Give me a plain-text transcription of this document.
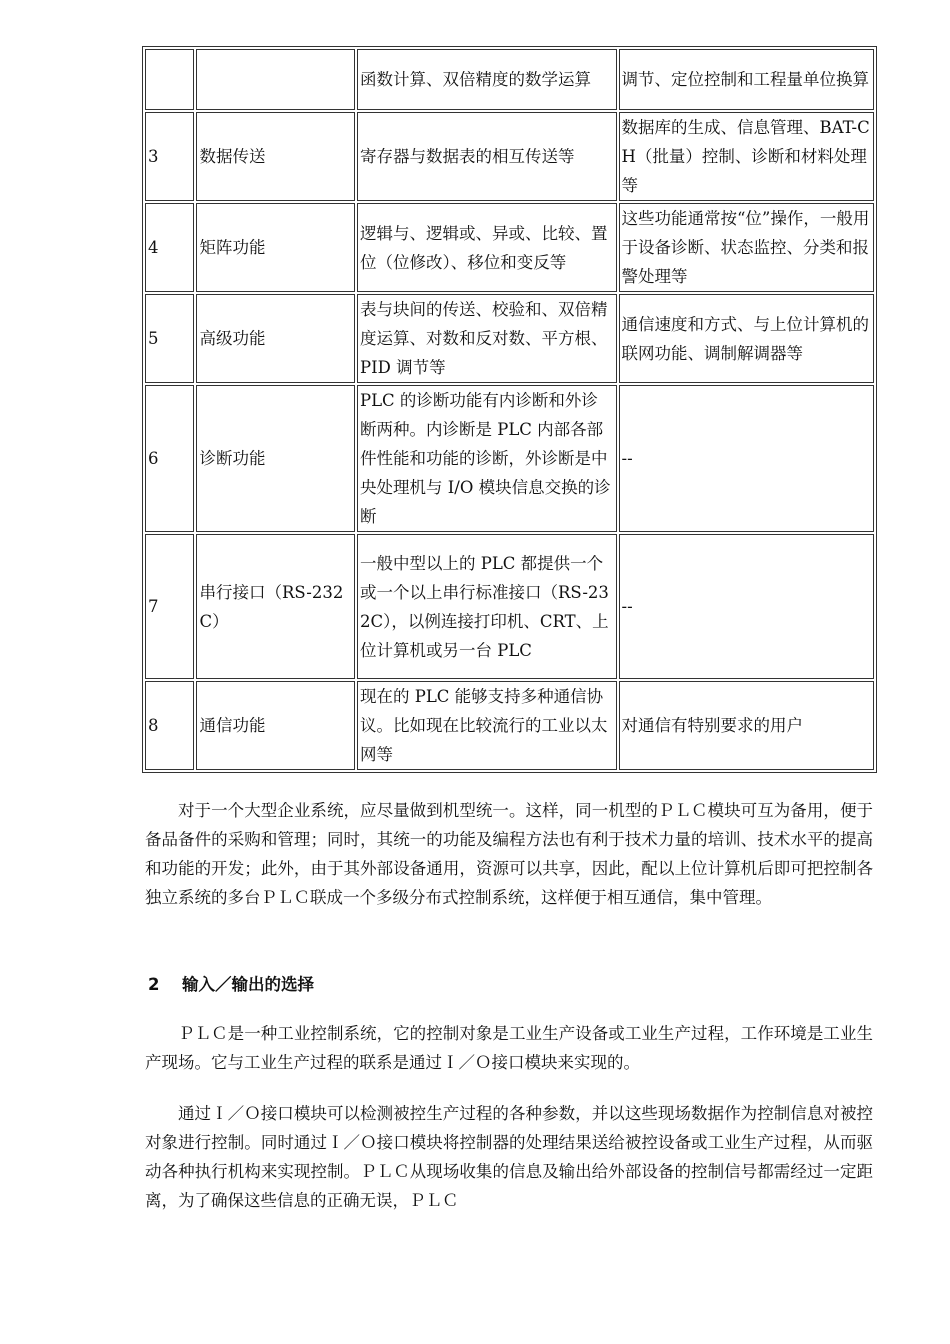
		函数计算、双倍精度的数学运算	调节、定位控制和工程量单位换算
3	数据传送	寄存器与数据表的相互传送等	数据库的生成、信息管理、BAT-CH（批量）控制、诊断和材料处理等
4	矩阵功能	逻辑与、逻辑或、异或、比较、置位（位修改）、移位和变反等	这些功能通常按“位”操作，一般用于设备诊断、状态监控、分类和报警处理等
5	高级功能	表与块间的传送、校验和、双倍精度运算、对数和反对数、平方根、PID 调节等	通信速度和方式、与上位计算机的联网功能、调制解调器等
6	诊断功能	PLC 的诊断功能有内诊断和外诊断两种。内诊断是 PLC 内部各部件性能和功能的诊断，外诊断是中央处理机与 I/O 模块信息交换的诊断	--
7	串行接口（RS-232C）	一般中型以上的 PLC 都提供一个或一个以上串行标准接口（RS-232C），以例连接打印机、CRT、上位计算机或另一台 PLC	--
8	通信功能	现在的 PLC 能够支持多种通信协议。比如现在比较流行的工业以太网等	对通信有特别要求的用户

对于一个大型企业系统，应尽量做到机型统一。这样，同一机型的ＰＬＣ模块可互为备用，便于备品备件的采购和管理；同时，其统一的功能及编程方法也有利于技术力量的培训、技术水平的提高和功能的开发；此外，由于其外部设备通用，资源可以共享，因此，配以上位计算机后即可把控制各独立系统的多台ＰＬＣ联成一个多级分布式控制系统，这样便于相互通信，集中管理。

2 输入／输出的选择

ＰＬＣ是一种工业控制系统，它的控制对象是工业生产设备或工业生产过程，工作环境是工业生产现场。它与工业生产过程的联系是通过Ｉ／Ｏ接口模块来实现的。

通过Ｉ／Ｏ接口模块可以检测被控生产过程的各种参数，并以这些现场数据作为控制信息对被控对象进行控制。同时通过Ｉ／Ｏ接口模块将控制器的处理结果送给被控设备或工业生产过程，从而驱动各种执行机构来实现控制。ＰＬＣ从现场收集的信息及输出给外部设备的控制信号都需经过一定距离，为了确保这些信息的正确无误，ＰＬＣ
